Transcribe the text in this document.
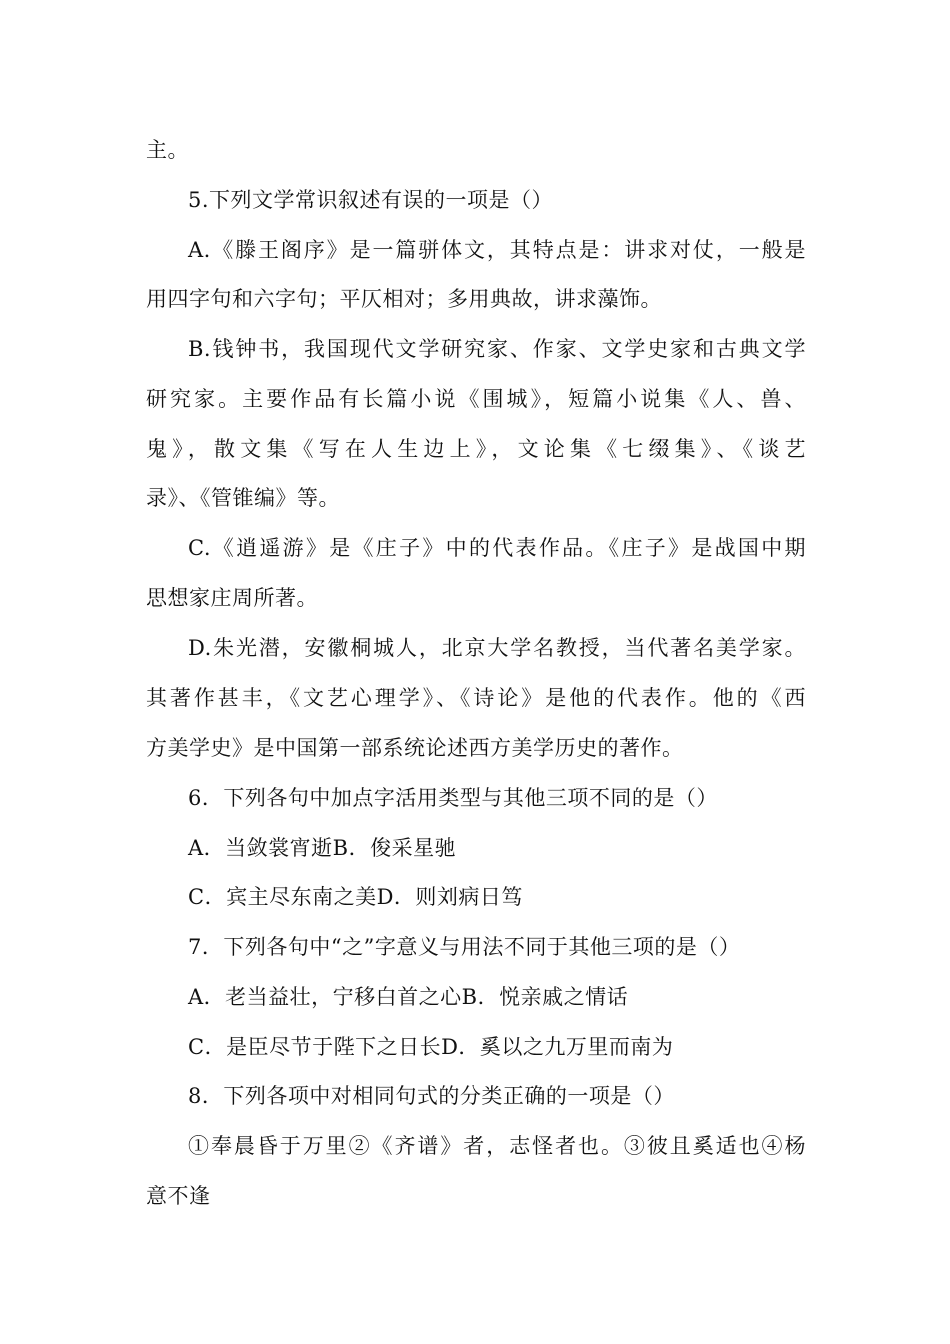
主。
5.下列文学常识叙述有误的一项是（）
A.《滕王阁序》是一篇骈体文，其特点是：讲求对仗，一般是
用四字句和六字句；平仄相对；多用典故，讲求藻饰。
B.钱钟书，我国现代文学研究家、作家、文学史家和古典文学
研究家。主要作品有长篇小说《围城》，短篇小说集《人、兽、
鬼》，散文集《写在人生边上》，文论集《七缀集》、《谈艺
录》、《管锥编》等。
C.《逍遥游》是《庄子》中的代表作品。《庄子》是战国中期
思想家庄周所著。
D.朱光潜，安徽桐城人，北京大学名教授，当代著名美学家。
其著作甚丰，《文艺心理学》、《诗论》是他的代表作。他的《西
方美学史》是中国第一部系统论述西方美学历史的著作。
6．下列各句中加点字活用类型与其他三项不同的是（）
A．当敛裳宵逝B．俊采星驰
C．宾主尽东南之美D．则刘病日笃
7．下列各句中“之”字意义与用法不同于其他三项的是（）
A．老当益壮，宁移白首之心B．悦亲戚之情话
C．是臣尽节于陛下之日长D．奚以之九万里而南为
8．下列各项中对相同句式的分类正确的一项是（）
①奉晨昏于万里②《齐谱》者，志怪者也。③彼且奚适也④杨
意不逢
